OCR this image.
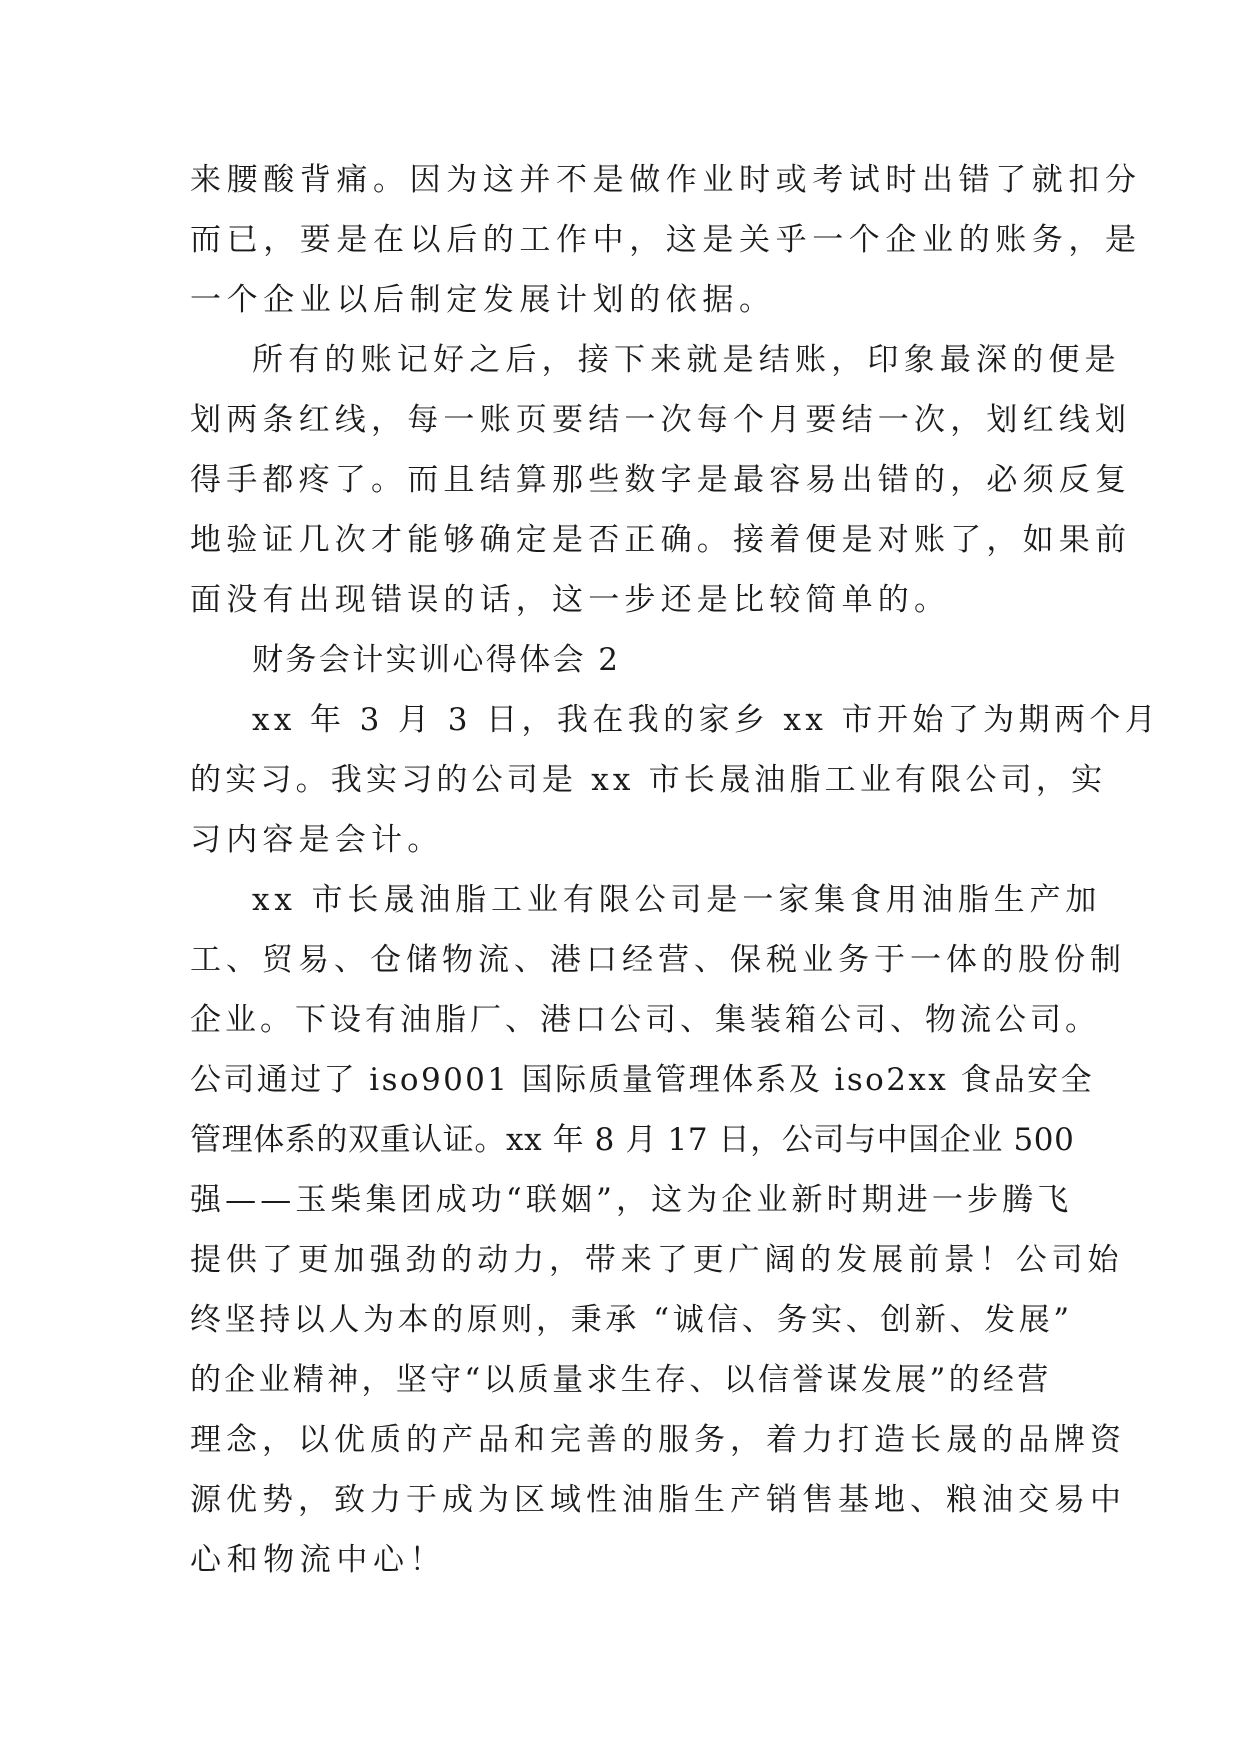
来腰酸背痛。因为这并不是做作业时或考试时出错了就扣分
而已，要是在以后的工作中，这是关乎一个企业的账务，是
一个企业以后制定发展计划的依据。
所有的账记好之后，接下来就是结账，印象最深的便是
划两条红线，每一账页要结一次每个月要结一次，划红线划
得手都疼了。而且结算那些数字是最容易出错的，必须反复
地验证几次才能够确定是否正确。接着便是对账了，如果前
面没有出现错误的话，这一步还是比较简单的。
财务会计实训心得体会 2
xx 年 3 月 3 日，我在我的家乡 xx 市开始了为期两个月
的实习。我实习的公司是 xx 市长晟油脂工业有限公司，实
习内容是会计。
xx 市长晟油脂工业有限公司是一家集食用油脂生产加
工、贸易、仓储物流、港口经营、保税业务于一体的股份制
企业。下设有油脂厂、港口公司、集装箱公司、物流公司。
公司通过了 iso9001 国际质量管理体系及 iso2xx 食品安全
管理体系的双重认证。xx 年 8 月 17 日，公司与中国企业 500
强——玉柴集团成功“联姻”，这为企业新时期进一步腾飞
提供了更加强劲的动力，带来了更广阔的发展前景！公司始
终坚持以人为本的原则，秉承 “诚信、务实、创新、发展”
的企业精神，坚守“以质量求生存、以信誉谋发展”的经营
理念，以优质的产品和完善的服务，着力打造长晟的品牌资
源优势，致力于成为区域性油脂生产销售基地、粮油交易中
心和物流中心！
